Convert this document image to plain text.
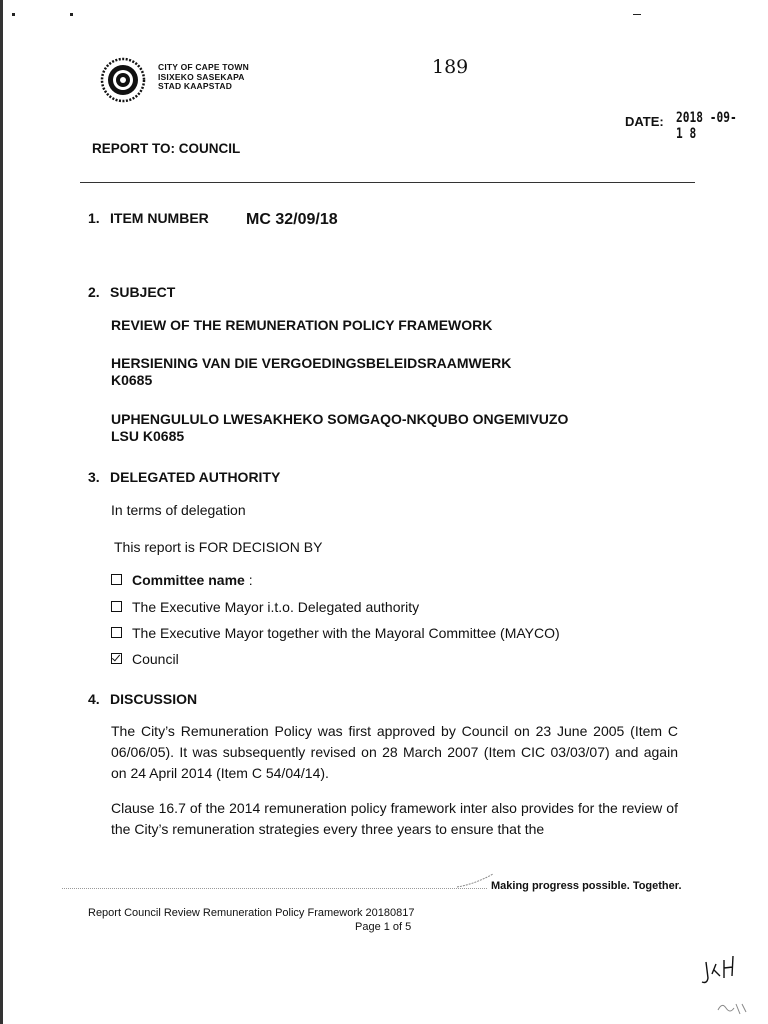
CITY OF CAPE TOWN
ISIXEKO SASEKAPA
STAD KAAPSTAD
189
DATE: 2018 -09- 1 8
REPORT TO: COUNCIL
1. ITEM NUMBER MC 32/09/18
2. SUBJECT
REVIEW OF THE REMUNERATION POLICY FRAMEWORK
HERSIENING VAN DIE VERGOEDINGSBELEIDSRAAMWERK
K0685
UPHENGULULO LWESAKHEKO SOMGAQO-NKQUBO ONGEMIVUZO
LSU K0685
3. DELEGATED AUTHORITY
In terms of delegation
This report is FOR DECISION BY
Committee name :
The Executive Mayor i.t.o. Delegated authority
The Executive Mayor together with the Mayoral Committee (MAYCO)
Council
4. DISCUSSION
The City’s Remuneration Policy was first approved by Council on 23 June 2005 (Item C 06/06/05). It was subsequently revised on 28 March 2007 (Item CIC 03/03/07) and again on 24 April 2014 (Item C 54/04/14).
Clause 16.7 of the 2014 remuneration policy framework inter also provides for the review of the City’s remuneration strategies every three years to ensure that the
Making progress possible. Together.
Report Council Review Remuneration Policy Framework 20180817
Page 1 of 5
